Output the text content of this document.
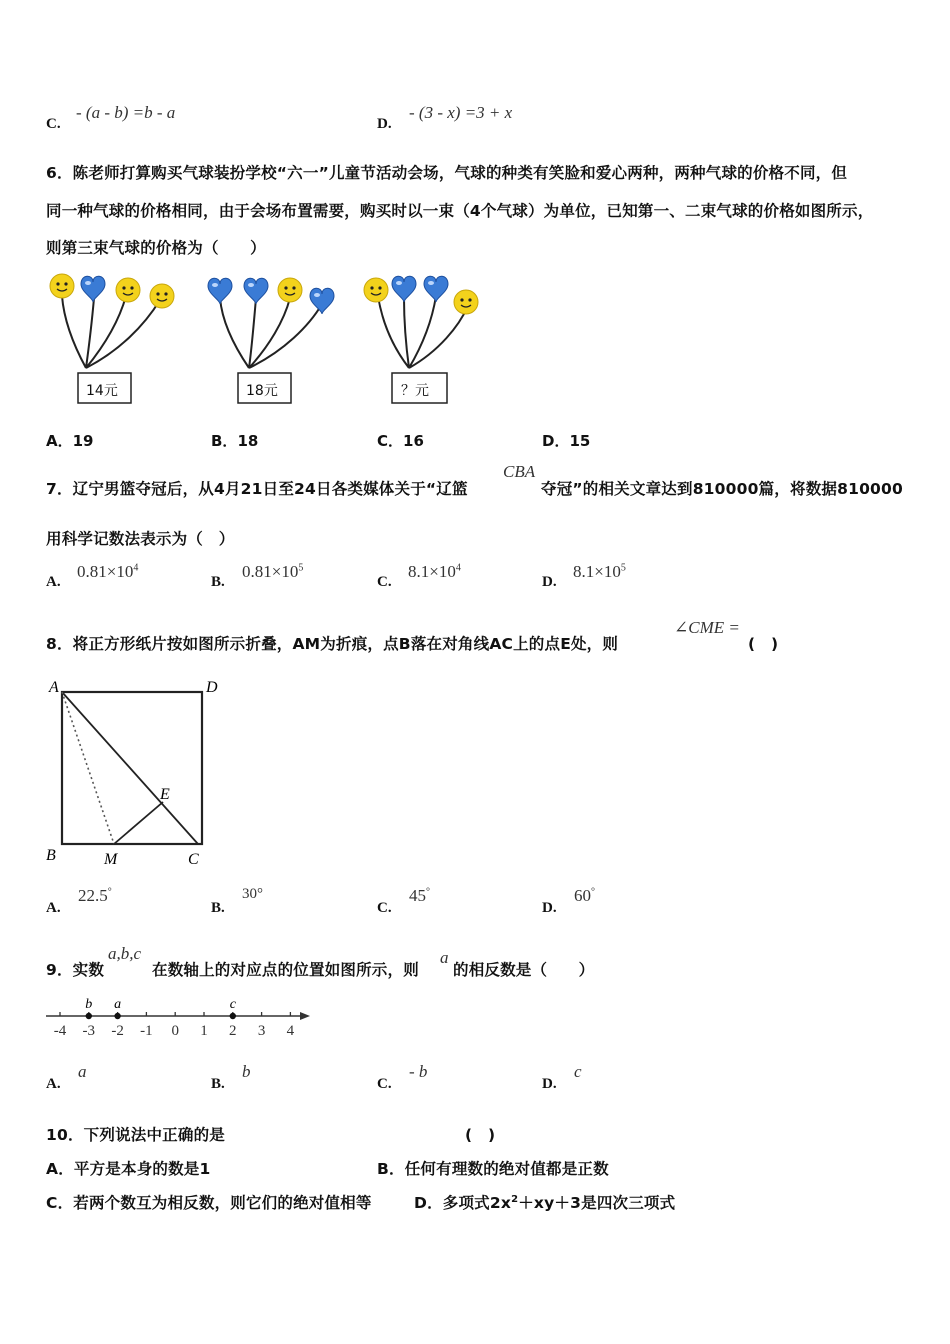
C.
- (a - b) =b - a
D.
- (3 - x) =3 + x
6．陈老师打算购买气球装扮学校“六一”儿童节活动会场，气球的种类有笑脸和爱心两种，两种气球的价格不同，但
同一种气球的价格相同，由于会场布置需要，购买时以一束（4个气球）为单位，已知第一、二束气球的价格如图所示，
则第三束气球的价格为（　　）
14元	18元	？元
A．19	B．18	C．16	D．15
7．辽宁男篮夺冠后，从4月21日至24日各类媒体关于“辽篮
CBA
夺冠”的相关文章达到810000篇，将数据810000
用科学记数法表示为（　）
A.
$0.81\times 10^4$
B.
$0.81\times 10^5$
C.
$8.1\times 10^4$
D.
$8.1\times 10^5$
8．将正方形纸片按如图所示折叠，AM为折痕，点B落在对角线AC上的点E处，则
∠CME =
(　)
A	D
B	M	C
E
A.
22.5°
B.
30°
C.
45°
D.
60°
9．实数
a,b,c
在数轴上的对应点的位置如图所示，则
a
的相反数是（　　）
-4 -3 -2 -1 0 1 2 3 4
b a	c
A.
a
B.
b
C.
- b
D.
c
10．下列说法中正确的是	(　)
A．平方是本身的数是1	B．任何有理数的绝对值都是正数
C．若两个数互为相反数，则它们的绝对值相等	D．多项式$2x^2+xy+3$是四次三项式
